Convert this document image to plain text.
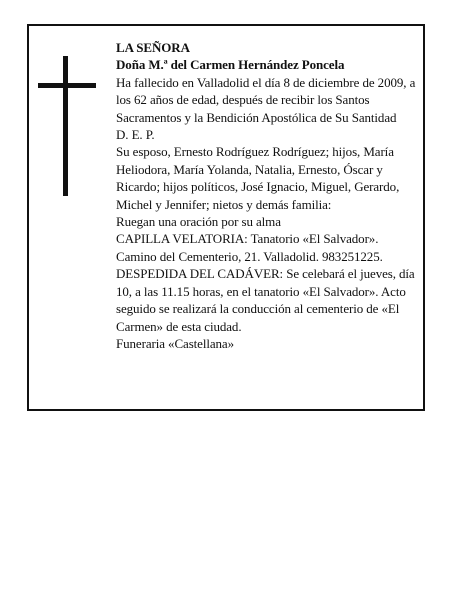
LA SEÑORA
Doña M.ª del Carmen Hernández Poncela
Ha fallecido en Valladolid el día 8 de diciembre de 2009, a los 62 años de edad, después de recibir los Santos Sacramentos y la Bendición Apostólica de Su Santidad
D. E. P.
Su esposo, Ernesto Rodríguez Rodríguez; hijos, María Heliodora, María Yolanda, Natalia, Ernesto, Óscar y Ricardo; hijos políticos, José Ignacio, Miguel, Gerardo, Michel y Jennifer; nietos y demás familia:
Ruegan una oración por su alma
CAPILLA VELATORIA: Tanatorio «El Salvador». Camino del Cementerio, 21. Valladolid. 983251225.
DESPEDIDA DEL CADÁVER: Se celebará el jueves, día 10, a las 11.15 horas, en el tanatorio «El Salvador». Acto seguido se realizará la conducción al cementerio de «El Carmen» de esta ciudad.
Funeraria «Castellana»
